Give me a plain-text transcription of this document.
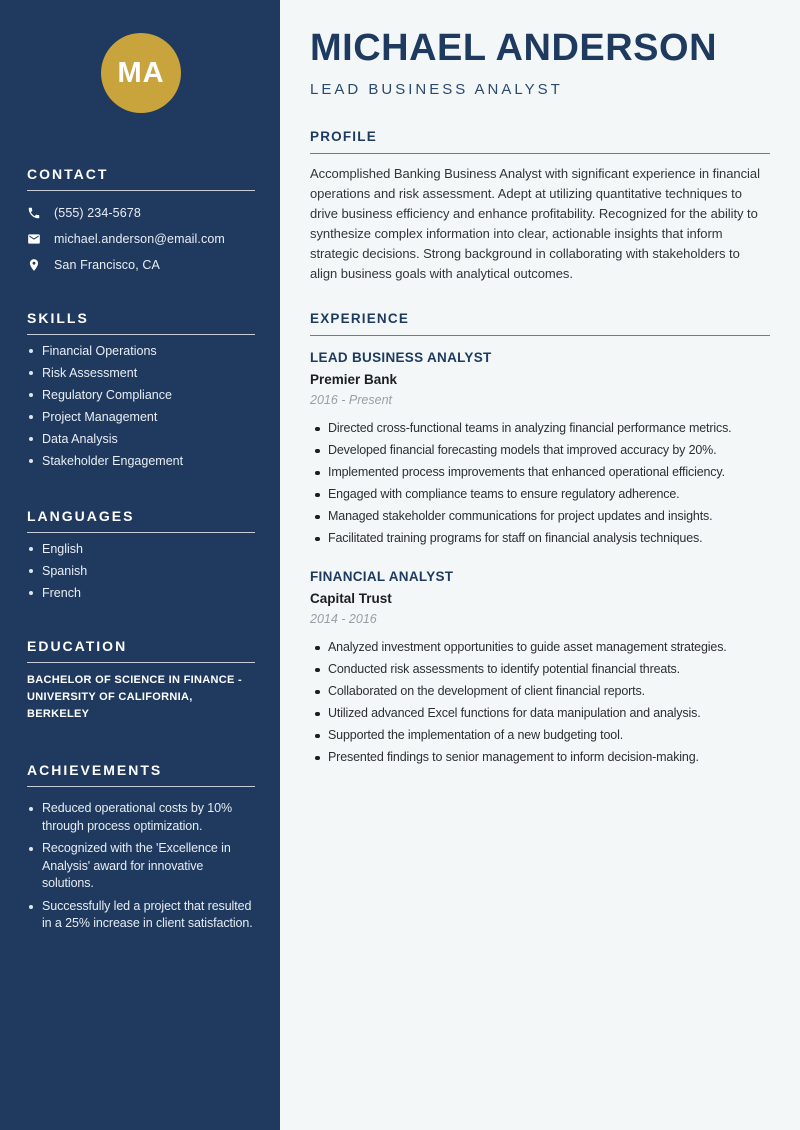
MA
CONTACT
(555) 234-5678
michael.anderson@email.com
San Francisco, CA
SKILLS
Financial Operations
Risk Assessment
Regulatory Compliance
Project Management
Data Analysis
Stakeholder Engagement
LANGUAGES
English
Spanish
French
EDUCATION
BACHELOR OF SCIENCE IN FINANCE - UNIVERSITY OF CALIFORNIA, BERKELEY
ACHIEVEMENTS
Reduced operational costs by 10% through process optimization.
Recognized with the 'Excellence in Analysis' award for innovative solutions.
Successfully led a project that resulted in a 25% increase in client satisfaction.
MICHAEL ANDERSON
LEAD BUSINESS ANALYST
PROFILE

Accomplished Banking Business Analyst with significant experience in financial operations and risk assessment. Adept at utilizing quantitative techniques to drive business efficiency and enhance profitability. Recognized for the ability to synthesize complex information into clear, actionable insights that inform strategic decisions. Strong background in collaborating with stakeholders to align business goals with analytical outcomes.

EXPERIENCE
LEAD BUSINESS ANALYST
Premier Bank
2016 - Present
Directed cross-functional teams in analyzing financial performance metrics.
Developed financial forecasting models that improved accuracy by 20%.
Implemented process improvements that enhanced operational efficiency.
Engaged with compliance teams to ensure regulatory adherence.
Managed stakeholder communications for project updates and insights.
Facilitated training programs for staff on financial analysis techniques.
FINANCIAL ANALYST
Capital Trust
2014 - 2016
Analyzed investment opportunities to guide asset management strategies.
Conducted risk assessments to identify potential financial threats.
Collaborated on the development of client financial reports.
Utilized advanced Excel functions for data manipulation and analysis.
Supported the implementation of a new budgeting tool.
Presented findings to senior management to inform decision-making.
